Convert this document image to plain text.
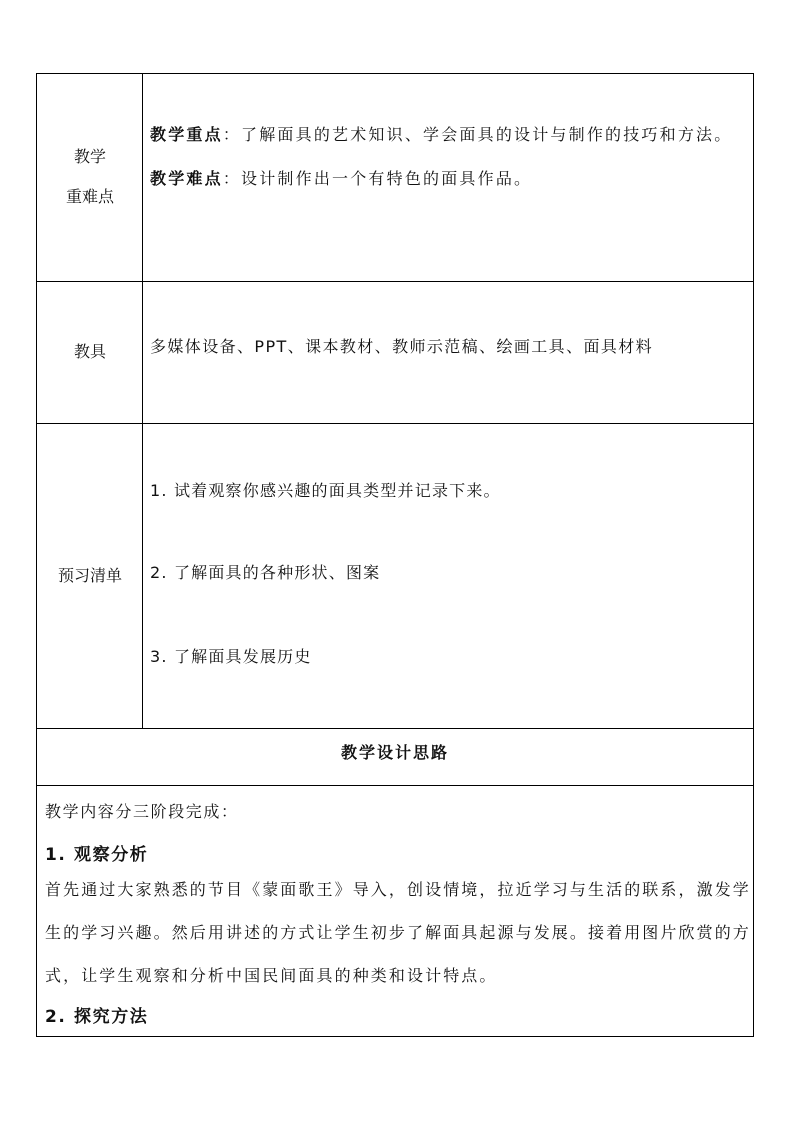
教学
重难点
教学重点：了解面具的艺术知识、学会面具的设计与制作的技巧和方法。
教学难点：设计制作出一个有特色的面具作品。
教具	多媒体设备、PPT、课本教材、教师示范稿、绘画工具、面具材料
预习清单
1. 试着观察你感兴趣的面具类型并记录下来。
2. 了解面具的各种形状、图案
3. 了解面具发展历史
教学设计思路
教学内容分三阶段完成：
1. 观察分析
首先通过大家熟悉的节目《蒙面歌王》导入，创设情境，拉近学习与生活的联系，激发学生的学习兴趣。然后用讲述的方式让学生初步了解面具起源与发展。接着用图片欣赏的方式，让学生观察和分析中国民间面具的种类和设计特点。
2. 探究方法
